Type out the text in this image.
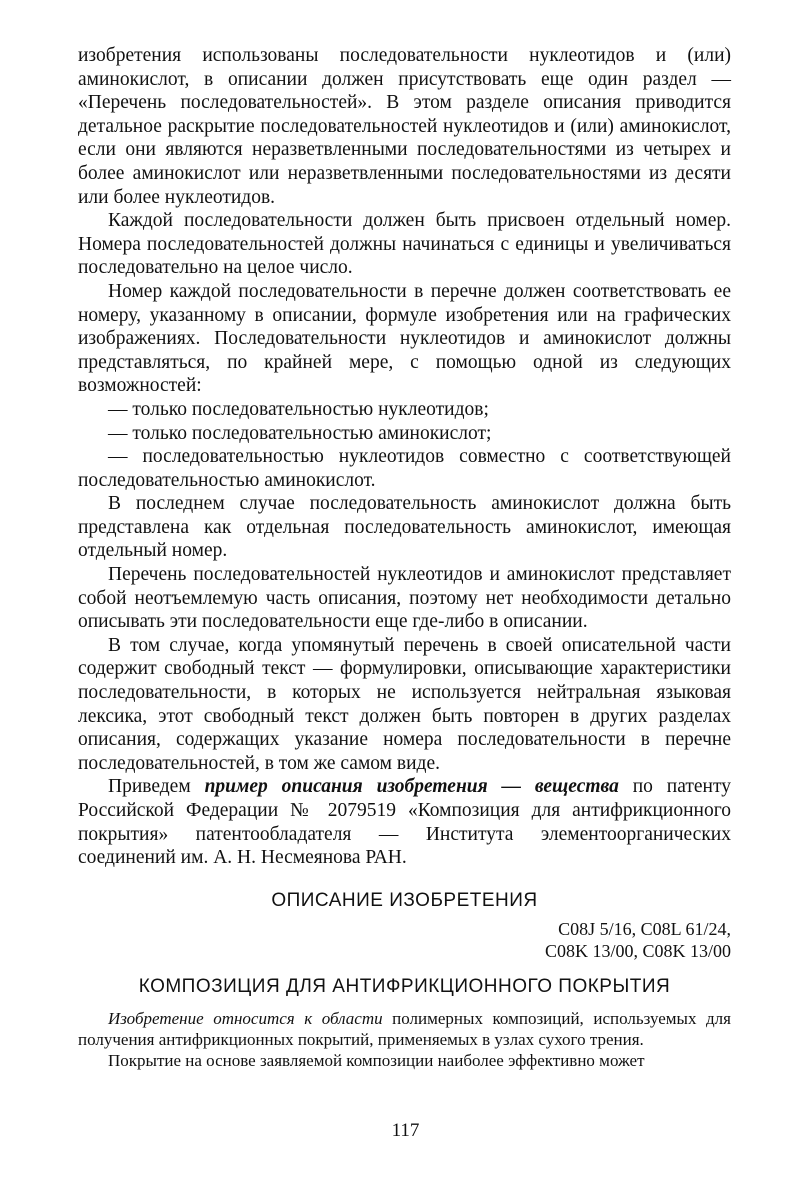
изобретения использованы последовательности нуклеотидов и (или) аминокислот, в описании должен присутствовать еще один раздел — «Перечень последовательностей». В этом разделе описания приводится детальное раскрытие последовательностей нуклеотидов и (или) аминокислот, если они являются неразветвленными последовательностями из четырех и более аминокислот или неразветвленными последовательностями из десяти или более нуклеотидов.

Каждой последовательности должен быть присвоен отдельный номер. Номера последовательностей должны начинаться с единицы и увеличиваться последовательно на целое число.

Номер каждой последовательности в перечне должен соответствовать ее номеру, указанному в описании, формуле изобретения или на графических изображениях. Последовательности нуклеотидов и аминокислот должны представляться, по крайней мере, с помощью одной из следующих возможностей:

— только последовательностью нуклеотидов;

— только последовательностью аминокислот;

— последовательностью нуклеотидов совместно с соответствующей последовательностью аминокислот.

В последнем случае последовательность аминокислот должна быть представлена как отдельная последовательность аминокислот, имеющая отдельный номер.

Перечень последовательностей нуклеотидов и аминокислот представляет собой неотъемлемую часть описания, поэтому нет необходимости детально описывать эти последовательности еще где-либо в описании.

В том случае, когда упомянутый перечень в своей описательной части содержит свободный текст — формулировки, описывающие характеристики последовательности, в которых не используется нейтральная языковая лексика, этот свободный текст должен быть повторен в других разделах описания, содержащих указание номера последовательности в перечне последовательностей, в том же самом виде.

Приведем пример описания изобретения — вещества по патенту Российской Федерации № 2079519 «Композиция для антифрикционного покрытия» патентообладателя — Института элементоорганических соединений им. А. Н. Несмеянова РАН.

ОПИСАНИЕ ИЗОБРЕТЕНИЯ

C08J 5/16, C08L 61/24,

C08K 13/00, C08K 13/00

КОМПОЗИЦИЯ ДЛЯ АНТИФРИКЦИОННОГО ПОКРЫТИЯ

Изобретение относится к области полимерных композиций, используемых для получения антифрикционных покрытий, применяемых в узлах сухого трения.

Покрытие на основе заявляемой композиции наиболее эффективно может

117
